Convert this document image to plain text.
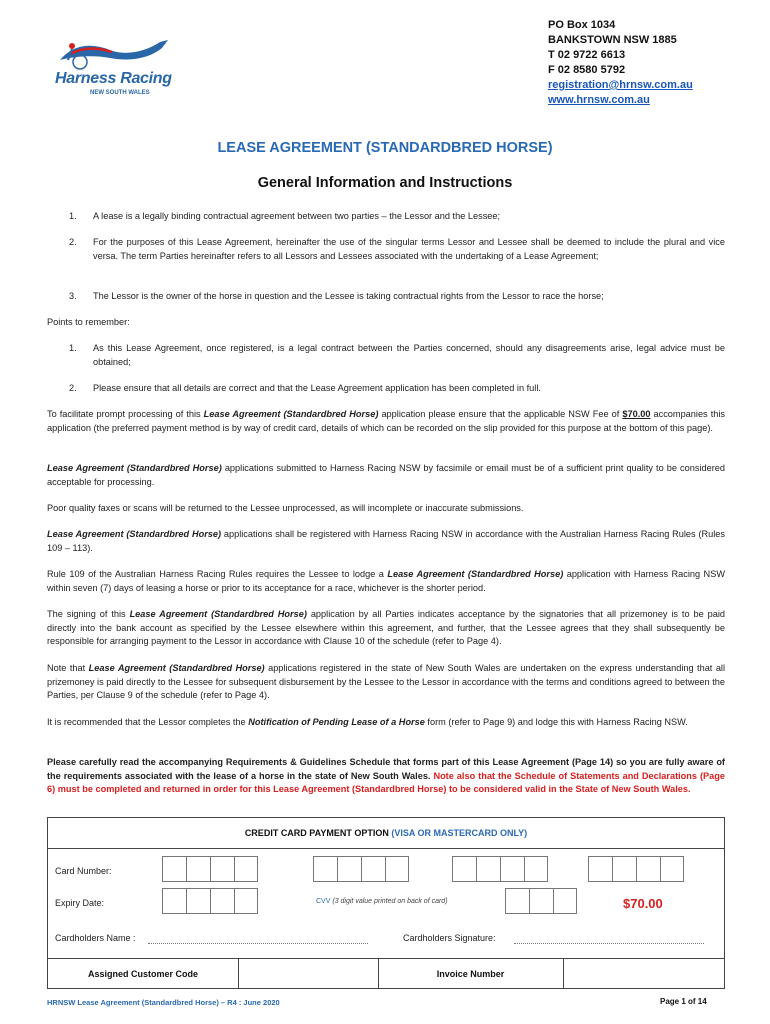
Harness Racing
NEW SOUTH WALES
PO Box 1034
BANKSTOWN NSW 1885
T 02 9722 6613
F 02 8580 5792
registration@hrnsw.com.au
www.hrnsw.com.au
LEASE AGREEMENT (STANDARDBRED HORSE)
General Information and Instructions
1. A lease is a legally binding contractual agreement between two parties – the Lessor and the Lessee;
2. For the purposes of this Lease Agreement, hereinafter the use of the singular terms Lessor and Lessee shall be deemed to include the plural and vice versa. The term Parties hereinafter refers to all Lessors and Lessees associated with the undertaking of a Lease Agreement;
3. The Lessor is the owner of the horse in question and the Lessee is taking contractual rights from the Lessor to race the horse;
Points to remember:
1. As this Lease Agreement, once registered, is a legal contract between the Parties concerned, should any disagreements arise, legal advice must be obtained;
2. Please ensure that all details are correct and that the Lease Agreement application has been completed in full.
To facilitate prompt processing of this Lease Agreement (Standardbred Horse) application please ensure that the applicable NSW Fee of $70.00 accompanies this application (the preferred payment method is by way of credit card, details of which can be recorded on the slip provided for this purpose at the bottom of this page).
Lease Agreement (Standardbred Horse) applications submitted to Harness Racing NSW by facsimile or email must be of a sufficient print quality to be considered acceptable for processing.
Poor quality faxes or scans will be returned to the Lessee unprocessed, as will incomplete or inaccurate submissions.
Lease Agreement (Standardbred Horse) applications shall be registered with Harness Racing NSW in accordance with the Australian Harness Racing Rules (Rules 109 – 113).
Rule 109 of the Australian Harness Racing Rules requires the Lessee to lodge a Lease Agreement (Standardbred Horse) application with Harness Racing NSW within seven (7) days of leasing a horse or prior to its acceptance for a race, whichever is the shorter period.
The signing of this Lease Agreement (Standardbred Horse) application by all Parties indicates acceptance by the signatories that all prizemoney is to be paid directly into the bank account as specified by the Lessee elsewhere within this agreement, and further, that the Lessee agrees that they shall subsequently be responsible for arranging payment to the Lessor in accordance with Clause 10 of the schedule (refer to Page 4).
Note that Lease Agreement (Standardbred Horse) applications registered in the state of New South Wales are undertaken on the express understanding that all prizemoney is paid directly to the Lessee for subsequent disbursement by the Lessee to the Lessor in accordance with the terms and conditions agreed to between the Parties, per Clause 9 of the schedule (refer to Page 4).
It is recommended that the Lessor completes the Notification of Pending Lease of a Horse form (refer to Page 9) and lodge this with Harness Racing NSW.
Please carefully read the accompanying Requirements & Guidelines Schedule that forms part of this Lease Agreement (Page 14) so you are fully aware of the requirements associated with the lease of a horse in the state of New South Wales. Note also that the Schedule of Statements and Declarations (Page 6) must be completed and returned in order for this Lease Agreement (Standardbred Horse) to be considered valid in the State of New South Wales.
CREDIT CARD PAYMENT OPTION (VISA OR MASTERCARD ONLY)
Card Number:
Expiry Date:	CVV (3 digit value printed on back of card)	$70.00
Cardholders Name :	Cardholders Signature:
Assigned Customer Code	Invoice Number
HRNSW Lease Agreement (Standardbred Horse) – R4 : June 2020	Page 1 of 14
